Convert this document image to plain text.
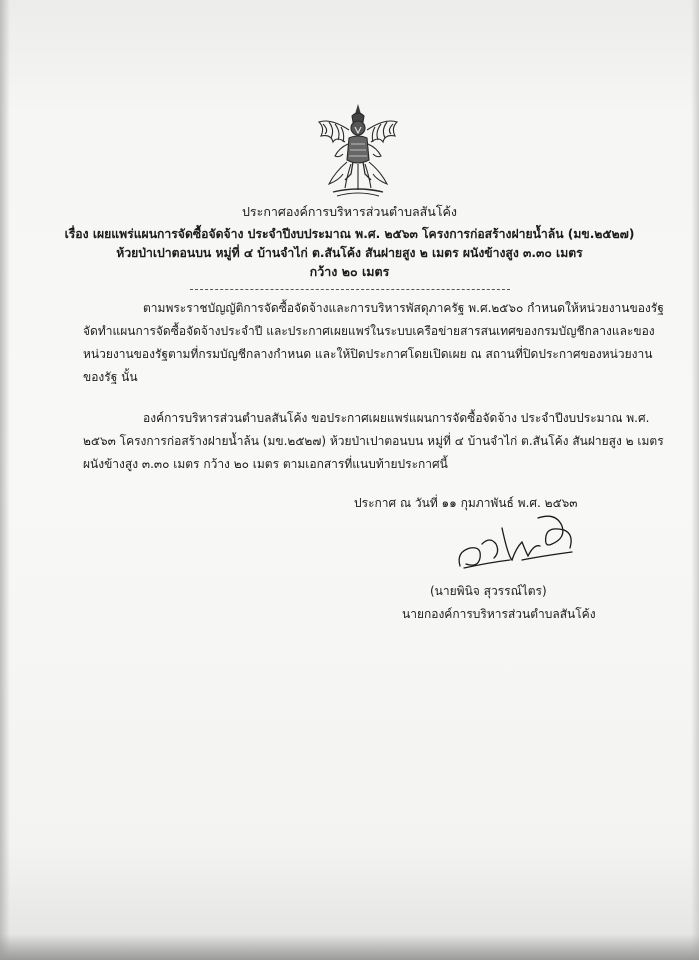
ประกาศองค์การบริหารส่วนตำบลสันโค้ง
เรื่อง เผยแพร่แผนการจัดซื้อจัดจ้าง ประจำปีงบประมาณ พ.ศ. ๒๕๖๓ โครงการก่อสร้างฝายน้ำล้น (มข.๒๕๒๗)
ห้วยป่าเปาตอนบน หมู่ที่ ๔ บ้านจำไก่ ต.สันโค้ง สันฝายสูง ๒ เมตร ผนังข้างสูง ๓.๓๐ เมตร
กว้าง ๒๐ เมตร
ตามพระราชบัญญัติการจัดซื้อจัดจ้างและการบริหารพัสดุภาครัฐ พ.ศ.๒๕๖๐ กำหนดให้หน่วยงานของรัฐ
จัดทำแผนการจัดซื้อจัดจ้างประจำปี และประกาศเผยแพร่ในระบบเครือข่ายสารสนเทศของกรมบัญชีกลางและของ
หน่วยงานของรัฐตามที่กรมบัญชีกลางกำหนด และให้ปิดประกาศโดยเปิดเผย ณ สถานที่ปิดประกาศของหน่วยงาน
ของรัฐ นั้น
องค์การบริหารส่วนตำบลสันโค้ง ขอประกาศเผยแพร่แผนการจัดซื้อจัดจ้าง ประจำปีงบประมาณ พ.ศ.
๒๕๖๓ โครงการก่อสร้างฝายน้ำล้น (มข.๒๕๒๗) ห้วยป่าเปาตอนบน หมู่ที่ ๔ บ้านจำไก่ ต.สันโค้ง สันฝายสูง ๒ เมตร
ผนังข้างสูง ๓.๓๐ เมตร กว้าง ๒๐ เมตร ตามเอกสารที่แนบท้ายประกาศนี้
ประกาศ ณ วันที่ ๑๑ กุมภาพันธ์ พ.ศ. ๒๕๖๓
(นายพินิจ สุวรรณ์ไตร)
นายกองค์การบริหารส่วนตำบลสันโค้ง
